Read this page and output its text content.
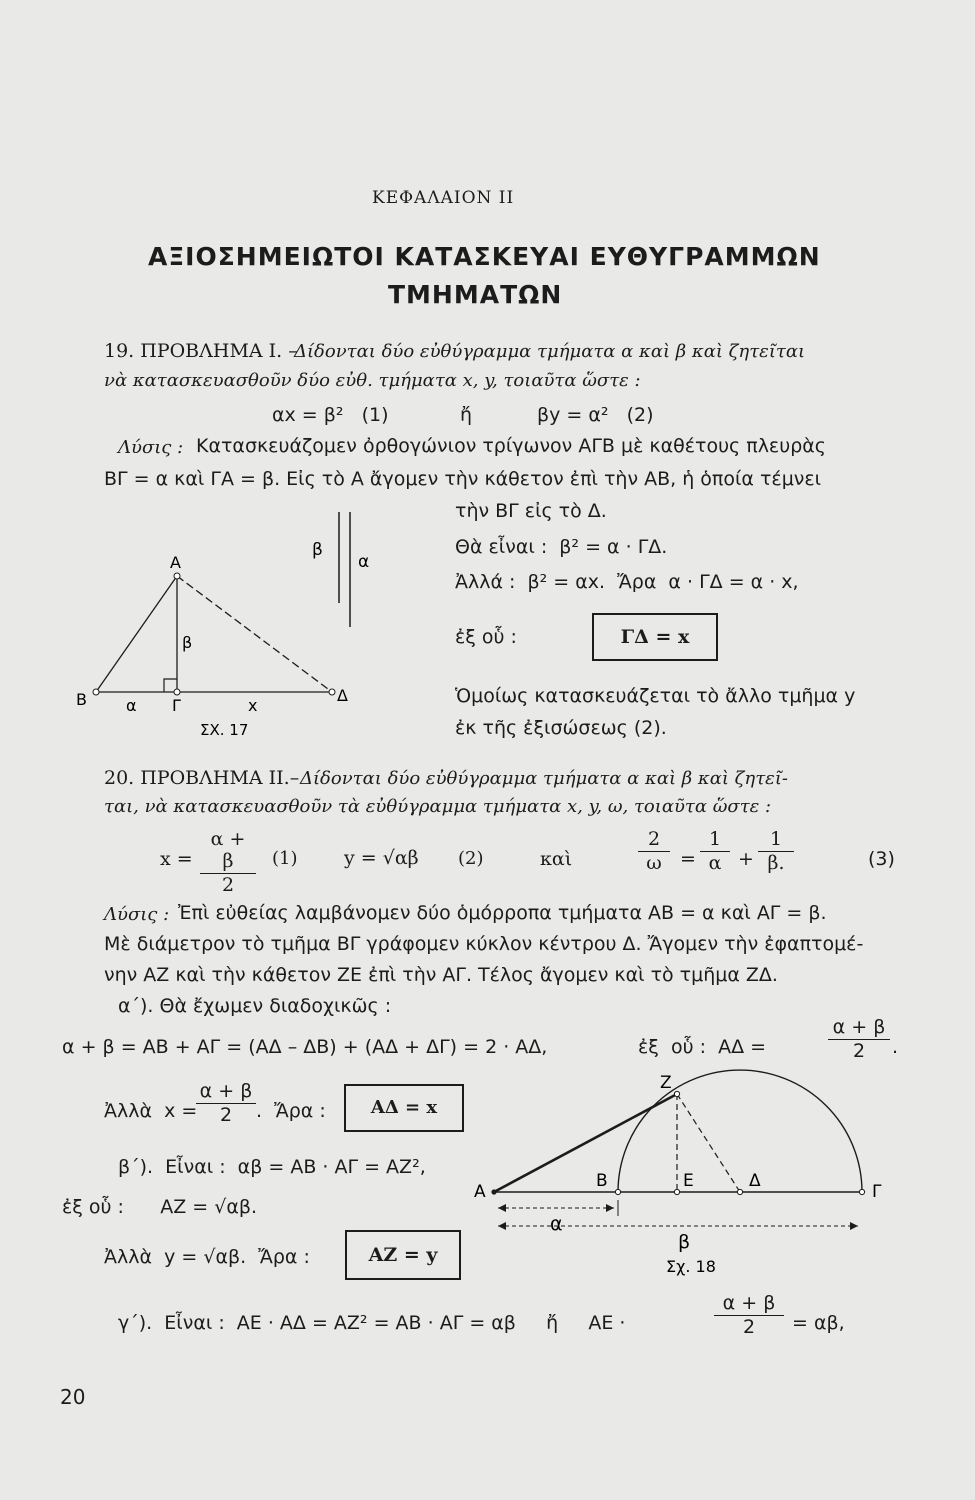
ΚΕΦΑΛΑΙΟΝ ΙΙ
ΑΞΙΟΣΗΜΕΙΩΤΟΙ ΚΑΤΑΣΚΕΥΑΙ ΕΥΘΥΓΡΑΜΜΩΝ
ΤΜΗΜΑΤΩΝ
19. ΠΡΟΒΛΗΜΑ Ι. –
Δίδονται δύο εὐθύγραμμα τμήματα α καὶ β καὶ ζητεῖται
νὰ κατασκευασθοῦν δύο εὐθ. τμήματα x, y, τοιαῦτα ὥστε :
αx = β²   (1)	ἤ	βy = α²   (2)
Λύσις : Κατασκευάζομεν ὀρθογώνιον τρίγωνον ΑΓΒ μὲ καθέτους πλευρὰς
ΒΓ = α καὶ ΓΑ = β. Εἰς τὸ Α ἄγομεν τὴν κάθετον ἐπὶ τὴν ΑΒ, ἡ ὁποία τέμνει
τὴν ΒΓ εἰς τὸ Δ.
Θὰ εἶναι :  β² = α · ΓΔ.
Ἀλλά :  β² = αx.  Ἄρα  α · ΓΔ = α · x,
ἐξ οὗ :	ΓΔ = x
Ὁμοίως κατασκευάζεται τὸ ἄλλο τμῆμα y
ἐκ τῆς ἐξισώσεως (2).
β
α
Α
Β	Γ
Δ
α
β
x
ΣΧ. 17
20. ΠΡΟΒΛΗΜΑ ΙΙ.– Δίδονται δύο εὐθύγραμμα τμήματα α καὶ β καὶ ζητεῖ-
ται, νὰ κατασκευασθοῦν τὰ εὐθύγραμμα τμήματα x, y, ω, τοιαῦτα ὥστε :
$x = \frac{\alpha + \beta}{2} (1) y = √\alpha\beta$ (2)	καὶ	$\frac{2}{\omega} = \frac{1}{\alpha} + \frac{1}{\beta.}$	(3)
Λύσις : Ἐπὶ εὐθείας λαμβάνομεν δύο ὁμόρροπα τμήματα ΑΒ = α καὶ ΑΓ = β.
Μὲ διάμετρον τὸ τμῆμα ΒΓ γράφομεν κύκλον κέντρου Δ. Ἄγομεν τὴν ἐφαπτομέ-
νην ΑΖ καὶ τὴν κάθετον ΖΕ ἐπὶ τὴν ΑΓ. Τέλος ἄγομεν καὶ τὸ τμῆμα ΖΔ.
α΄). Θὰ ἔχωμεν διαδοχικῶς :
α + β = ΑΒ + ΑΓ = (ΑΔ – ΔΒ) + (ΑΔ + ΔΓ) = 2 · ΑΔ,	ἐξ  οὗ :  ΑΔ =	$\frac{\alpha + \beta}{2}$ .
Ἀλλὰ  x =
$\frac{\alpha + \beta}{2}$ .  Ἄρα :	ΑΔ = x
β΄).  Εἶναι :  αβ = ΑΒ · ΑΓ = ΑΖ²,
ἐξ οὗ :      ΑΖ = √αβ.
Ἀλλὰ  y = √αβ.  Ἄρα :	ΑΖ = y
Ζ
Α
Β	Ε	Δ
Γ
α
β
Σχ. 18
γ΄).  Εἶναι :  ΑΕ · ΑΔ = ΑΖ² = ΑΒ · ΑΓ = αβ     ἤ     ΑΕ ·	$\frac{\alpha + \beta}{2} = \alpha\beta$,
20
